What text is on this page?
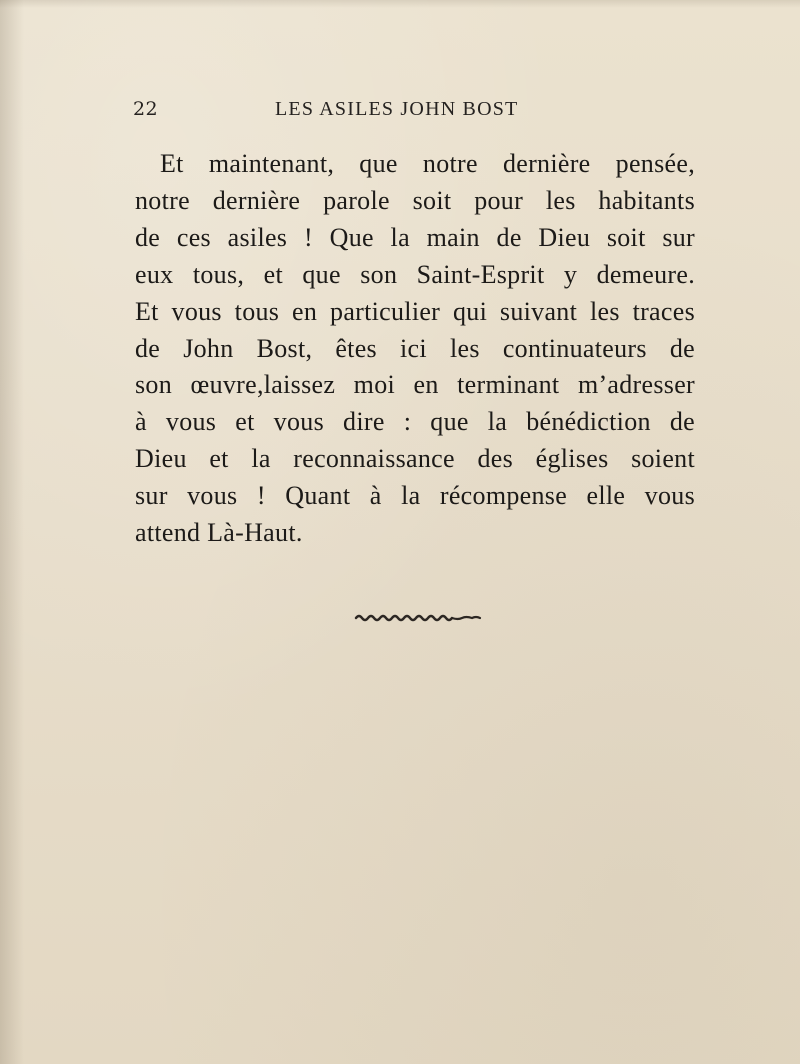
22	LES ASILES JOHN BOST
Et maintenant, que notre dernière pensée,
notre dernière parole soit pour les habitants
de ces asiles ! Que la main de Dieu soit sur
eux tous, et que son Saint-Esprit y demeure.
Et vous tous en particulier qui suivant les traces
de John Bost, êtes ici les continuateurs de
son œuvre,laissez moi en terminant m’adresser
à vous et vous dire : que la bénédiction de
Dieu et la reconnaissance des églises soient
sur vous ! Quant à la récompense elle vous
attend Là-Haut.
